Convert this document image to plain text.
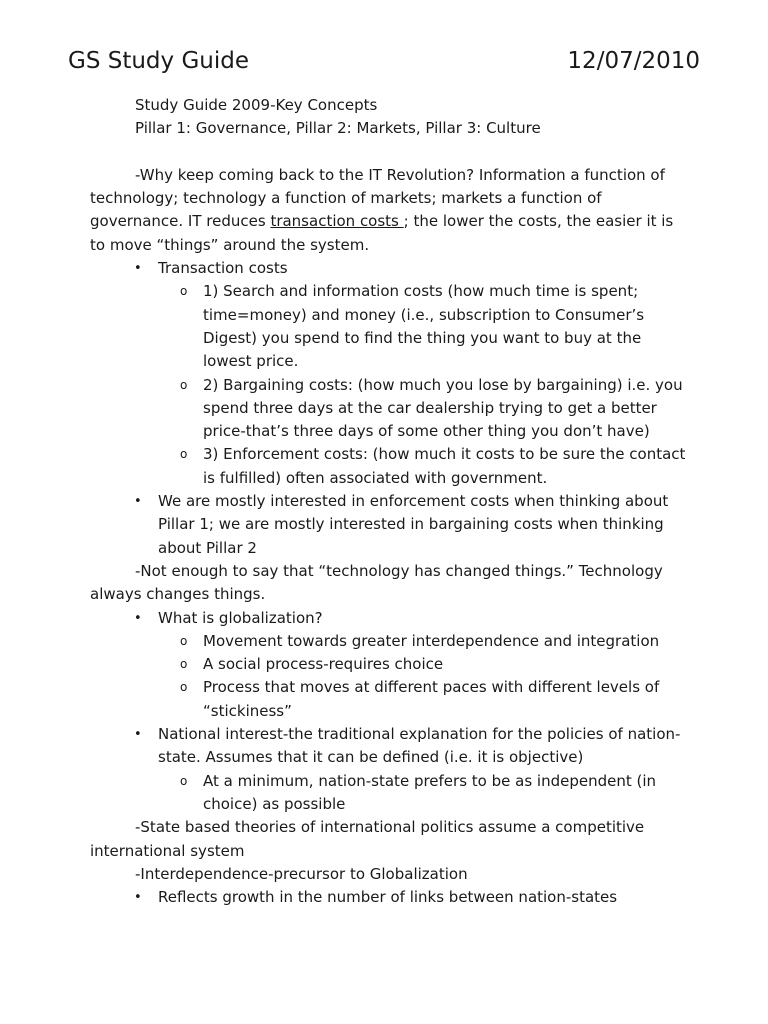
GS Study Guide	12/07/2010

Study Guide 2009-Key Concepts

Pillar 1: Governance, Pillar 2: Markets, Pillar 3: Culture

-Why keep coming back to the IT Revolution? Information a function of technology; technology a function of markets; markets a function of governance. IT reduces transaction costs ; the lower the costs, the easier it is to move “things” around the system.

• Transaction costs
o 1) Search and information costs (how much time is spent; time=money) and money (i.e., subscription to Consumer’s Digest) you spend to find the thing you want to buy at the lowest price.
o 2) Bargaining costs: (how much you lose by bargaining) i.e. you spend three days at the car dealership trying to get a better price-that’s three days of some other thing you don’t have)
o 3) Enforcement costs: (how much it costs to be sure the contact is fulfilled) often associated with government.
• We are mostly interested in enforcement costs when thinking about Pillar 1; we are mostly interested in bargaining costs when thinking about Pillar 2

-Not enough to say that “technology has changed things.” Technology always changes things.

• What is globalization?
o Movement towards greater interdependence and integration
o A social process-requires choice
o Process that moves at different paces with different levels of “stickiness”
• National interest-the traditional explanation for the policies of nation-state. Assumes that it can be defined (i.e. it is objective)
o At a minimum, nation-state prefers to be as independent (in choice) as possible

-State based theories of international politics assume a competitive international system

-Interdependence-precursor to Globalization

• Reflects growth in the number of links between nation-states
